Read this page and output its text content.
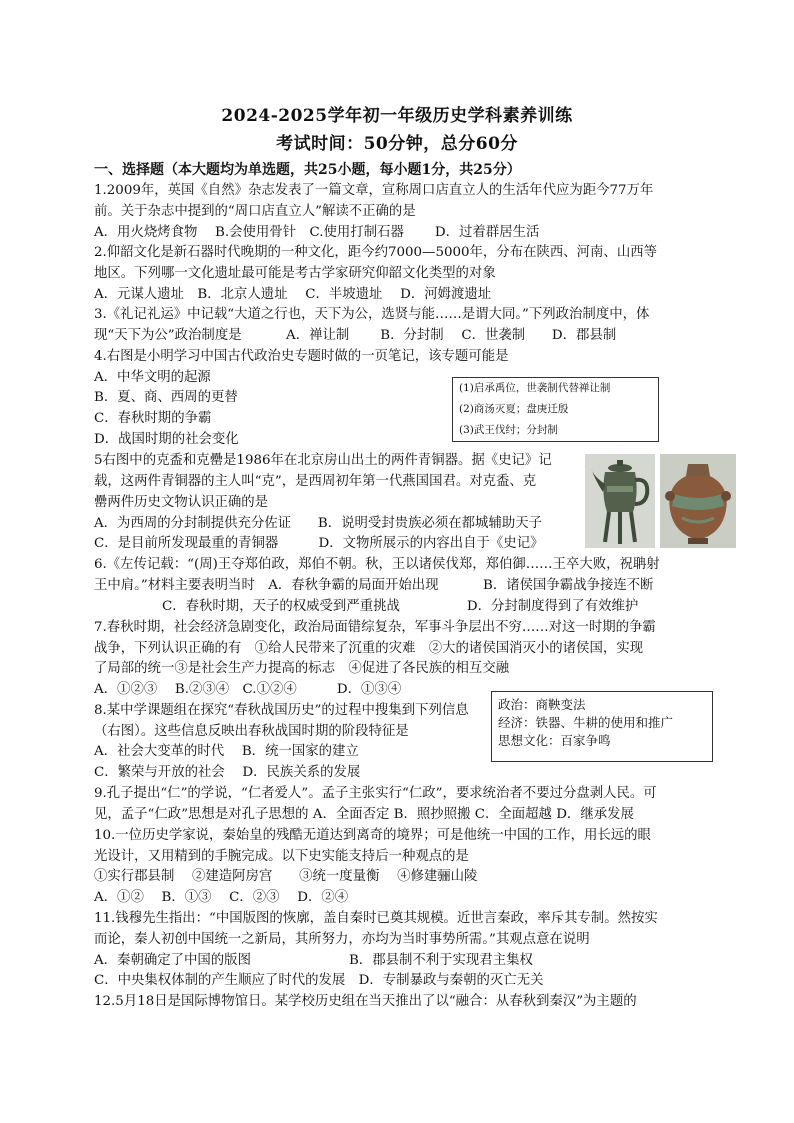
2024-2025学年初一年级历史学科素养训练
考试时间：50分钟，总分60分
一、选择题（本大题均为单选题，共25小题，每小题1分，共25分）
1.2009年，英国《自然》杂志发表了一篇文章，宣称周口店直立人的生活年代应为距今77万年
前。关于杂志中提到的“周口店直立人”解读不正确的是
A．用火烧烤食物　 B.会使用骨针　C.使用打制石器　　 D．过着群居生活
2.仰韶文化是新石器时代晚期的一种文化，距今约7000—5000年，分布在陕西、河南、山西等
地区。下列哪一文化遗址最可能是考古学家研究仰韶文化类型的对象
A．元谋人遗址　B．北京人遗址　 C．半坡遗址　 D．河姆渡遗址
3.《礼记礼运》中记载“大道之行也，天下为公，选贤与能……是谓大同。”下列政治制度中，体
现“天下为公”政治制度是　　　 A．禅让制　　 B．分封制　 C．世袭制　　D．郡县制
4.右图是小明学习中国古代政治史专题时做的一页笔记，该专题可能是
A．中华文明的起源
B．夏、商、西周的更替
C．春秋时期的争霸
D．战国时期的社会变化
5右图中的克盉和克罍是1986年在北京房山出土的两件青铜器。据《史记》记
载，这两件青铜器的主人叫“克”，是西周初年第一代燕国国君。对克盉、克
罍两件历史文物认识正确的是
A．为西周的分封制提供充分佐证　　B．说明受封贵族必须在都城辅助天子
C．是目前所发现最重的青铜器　　　D．文物所展示的内容出自于《史记》
6.《左传记载：“(周)王夺郑伯政，郑伯不朝。秋，王以诸侯伐郑，郑伯御……王卒大败，祝聃射
王中肩。”材料主要表明当时　A．春秋争霸的局面开始出现　　　 B．诸侯国争霸战争接连不断
C．春秋时期，天子的权威受到严重挑战　　　　　D．分封制度得到了有效维护
7.春秋时期，社会经济急剧变化，政治局面错综复杂，军事斗争层出不穷……对这一时期的争霸
战争，下列认识正确的有　①给人民带来了沉重的灾难　②大的诸侯国消灭小的诸侯国，实现
了局部的统一③是社会生产力提高的标志　④促进了各民族的相互交融
A．①②③　 B.②③④　C.①②④　　　D．①③④
8.某中学课题组在探究“春秋战国历史”的过程中搜集到下列信息
（右图）。这些信息反映出春秋战国时期的阶段特征是
A．社会大变革的时代　 B．统一国家的建立
C．繁荣与开放的社会　 D．民族关系的发展
9.孔子提出“仁”的学说，“仁者爱人”。孟子主张实行“仁政”，要求统治者不要过分盘剥人民。可
见，孟子“仁政”思想是对孔子思想的 A．全面否定 B．照抄照搬 C．全面超越 D．继承发展
10.一位历史学家说，秦始皇的残酷无道达到离奇的境界；可是他统一中国的工作，用长远的眼
光设计，又用精到的手腕完成。以下史实能支持后一种观点的是
①实行郡县制　 ②建造阿房宫　　③统一度量衡　 ④修建骊山陵
A．①②　 B．①③　 C．②③　 D．②④
11.钱穆先生指出：“中国版图的恢廓，盖自秦时已奠其规模。近世言秦政，率斥其专制。然按实
而论，秦人初创中国统一之新局，其所努力，亦均为当时事势所需。”其观点意在说明
A．秦朝确定了中国的版图　　　　　　　 B．郡县制不利于实现君主集权
C．中央集权体制的产生顺应了时代的发展　D．专制暴政与秦朝的灭亡无关
12.5月18日是国际博物馆日。某学校历史组在当天推出了以“融合：从春秋到秦汉”为主题的
(1)启承禹位，世袭制代替禅让制
(2)商汤灭夏；盘庚迁殷
(3)武王伐纣；分封制
政治：商鞅变法
经济：铁器、牛耕的使用和推广
思想文化：百家争鸣
